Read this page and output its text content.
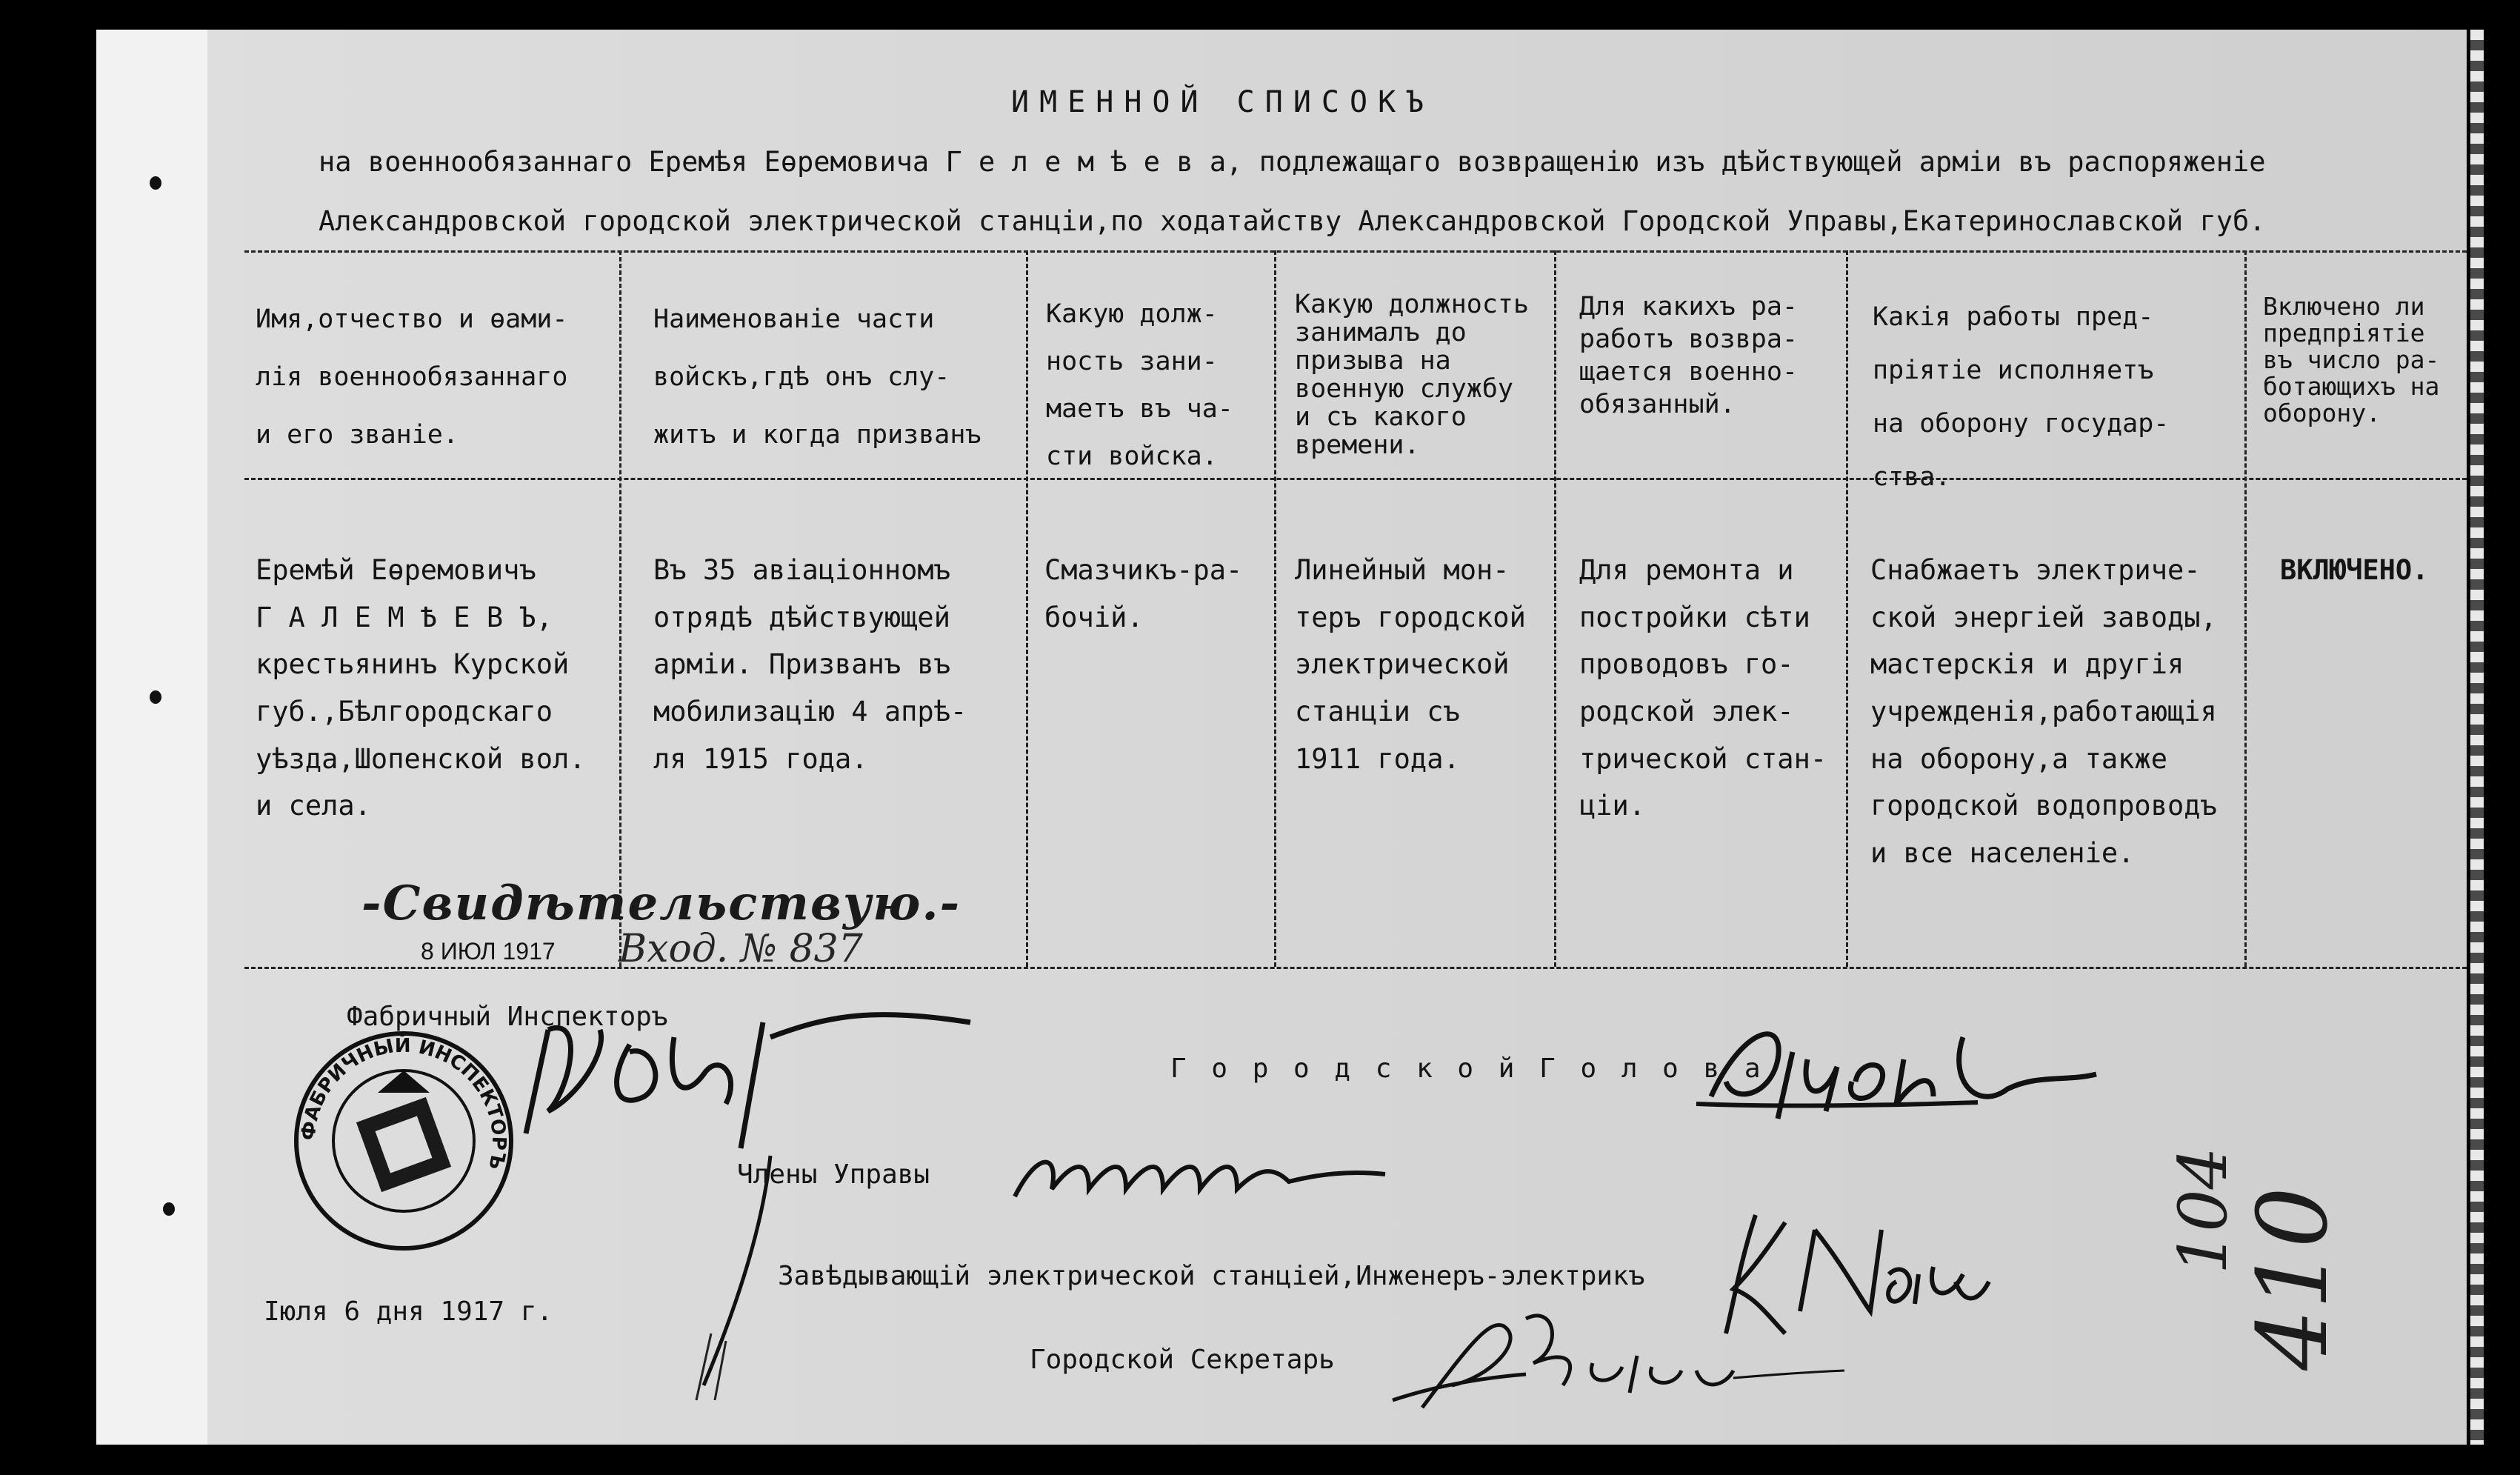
ИМЕННОЙ СПИСОКЪ
на военнообязаннаго Еремѣя Еѳремовича Г е л е м ѣ е в а, подлежащаго возвращенію изъ дѣйствующей арміи въ распоряженіе
Александровской городской электрической станціи,по ходатайству Александровской Городской Управы,Екатеринославской губ.
Имя,отчество и ѳами-
лія военнообязаннаго
и его званіе.
Наименованіе части
войскъ,гдѣ онъ слу-
житъ и когда призванъ
Какую долж-
ность зани-
маетъ въ ча-
сти войска.
Какую должность
занималъ до
призыва на
военную службу
и съ какого
времени.
Для какихъ ра-
работъ возвра-
щается военно-
обязанный.
Какія работы пред-
пріятіе исполняетъ
на оборону государ-
ства.
Включено ли
предпріятіе
въ число ра-
ботающихъ на
оборону.
Еремѣй Еѳремовичъ
Г А Л Е М Ѣ Е В Ъ,
крестьянинъ Курской
губ.,Бѣлгородскаго
уѣзда,Шопенской вол.
и села.
Въ 35 авіаціонномъ
отрядѣ дѣйствующей
арміи. Призванъ въ
мобилизацію 4 апрѣ-
ля 1915 года.
Смазчикъ-ра-
бочій.
Линейный мон-
теръ городской
электрической
станціи съ
1911 года.
Для ремонта и
постройки сѣти
проводовъ го-
родской элек-
трической стан-
ціи.
Снабжаетъ электриче-
ской энергіей заводы,
мастерскія и другія
учрежденія,работающія
на оборону,а также
городской водопроводъ
и все населеніе.
ВКЛЮЧЕНО.
-Свидѣтельствую.-
8 ИЮЛ 1917 Вход. № 837
Фабричный Инспекторъ
ФАБРИЧНЫЙ ИНСПЕКТОРЪ
Г о р о д с к о й Г о л о в а
Члены Управы
Завѣдывающій электрической станціей,Инженеръ-электрикъ
Городской Секретарь
Іюля 6 дня 1917 г.	410
104
